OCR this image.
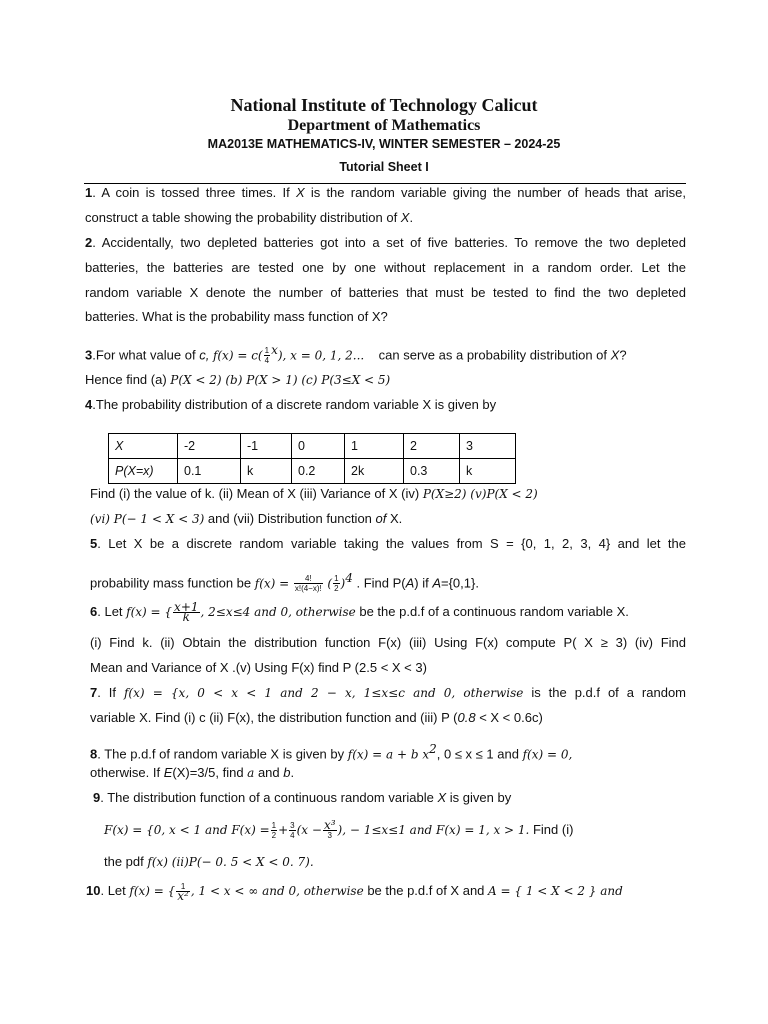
National Institute of Technology Calicut
Department of Mathematics
MA2013E MATHEMATICS-IV, WINTER SEMESTER – 2024-25
Tutorial Sheet I
1. A coin is tossed three times. If X is the random variable giving the number of heads that arise,
construct a table showing the probability distribution of X.
2. Accidentally, two depleted batteries got into a set of five batteries. To remove the two depleted
batteries, the batteries are tested one by one without replacement in a random order. Let the
random variable X denote the number of batteries that must be tested to find the two depleted
batteries. What is the probability mass function of X?
3.For what value of c, $f(x) = c( \frac{1}{4} ^x)$, x = 0, 1, 2... can serve as a probability distribution of X?
Hence find (a) P(X < 2) (b) P(X > 1) (c) P(3≤X < 5)
4.The probability distribution of a discrete random variable X is given by
X	-2	-1	0	1	2	3
P(X=x)	0.1	k	0.2	2k	0.3	k
Find (i) the value of k. (ii) Mean of X (iii) Variance of X (iv) P(X≥2) (v)P(X < 2)
(vi) P(− 1 < X < 3) and (vii) Distribution function of X.
5. Let X be a discrete random variable taking the values from S = {0, 1, 2, 3, 4} and let the
probability mass function be $f(x) = \frac{4!}{x!(4-x)!}$ ( $\frac{1}{2} )^4$ . Find P(A) if A={0,1}.
6. Let f(x) = { $\frac{x+1}{k}$ , 2≤x≤4 and 0, otherwise be the p.d.f of a continuous random variable X.
(i) Find k. (ii) Obtain the distribution function F(x) (iii) Using F(x) compute P( X ≥ 3) (iv) Find
Mean and Variance of X .(v) Using F(x) find P (2.5 < X < 3)
7. If f(x) = {x, 0 < x < 1 and 2 − x, 1≤x≤c and 0, otherwise is the p.d.f of a random
variable X. Find (i) c (ii) F(x), the distribution function and (iii) P (0.8 < X < 0.6c)
8. The p.d.f of random variable X is given by f(x) = a + b $x^2$, 0 ≤ x ≤ 1 and f(x) = 0,
otherwise. If E(X)=3/5, find a and b.
9. The distribution function of a continuous random variable X is given by
F(x) = {0, x < 1 and $F(x) = \frac{1}{2} + \frac{3}{4} (x - \frac{\text{x³}}{3}$ ), − 1≤x≤1 and F(x) = 1, x > 1. Find (i)
the pdf f(x) (ii)P(− 0. 5 < X < 0. 7).
10. Let f(x) = { $\frac{1}{\text{x²}}$ , 1 < x < ∞ and 0, otherwise be the p.d.f of X and A = { 1 < X < 2 } and
